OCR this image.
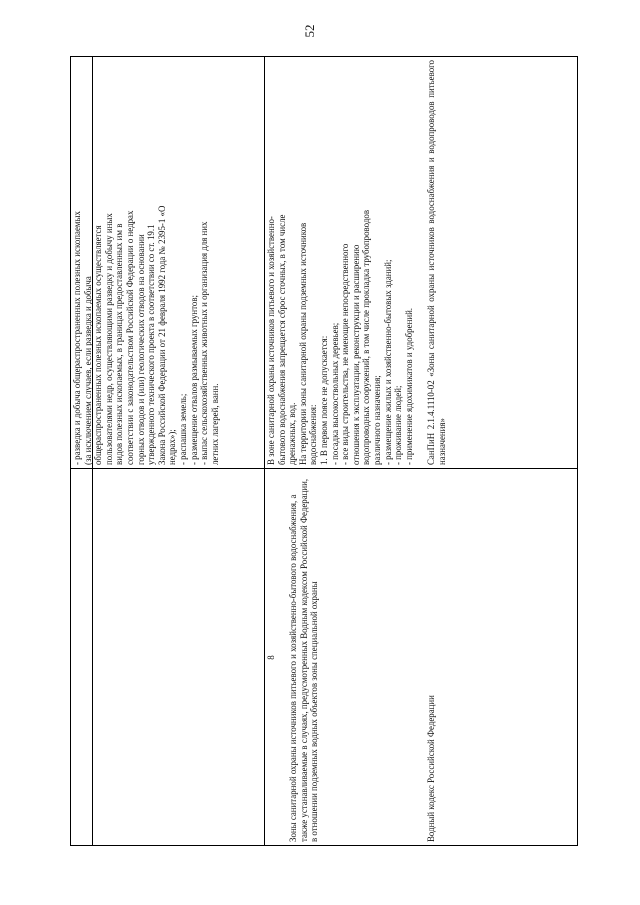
52

- разведка и добыча общераспространенных полезных ископаемых (за исключением случаев, если разведка и добыча общераспространенных полезных ископаемых осуществляется пользователями недр, осуществляющими разведку и добычу иных видов полезных ископаемых, в границах предоставленных им в соответствии с законодательством Российской Федерации о недрах горных отводов и (или) геологических отводов на основании утвержденного технического проекта в соответствии со ст. 19.1 Закона Российской Федерации от 21 февраля 1992 года № 2395-1 «О недрах»); - распашка земель; - размещение отвалов размываемых грунтов; - выпас сельскохозяйственных животных и организация для них летних лагерей, ванн.

8	Зоны санитарной охраны источников питьевого и хозяйственно-бытового водоснабжения, а также устанавливаемые в случаях, предусмотренных Водным кодексом Российской Федерации, в отношении подземных водных объектов зоны специальной охраны

В зоне санитарной охраны источников питьевого и хозяйственно- бытового водоснабжения запрещается сброс сточных, в том числе дренажных, вод. На территории зоны санитарной охраны подземных источников водоснабжения: 1. В первом поясе не допускается: - посадка высокоствольных деревьев; - все виды строительства, не имеющие непосредственного отношения к эксплуатации, реконструкции и расширению водопроводных сооружений, в том числе прокладка трубопроводов различного назначения; - размещение жилых и хозяйственно-бытовых зданий; - проживание людей; - применение ядохимикатов и удобрений.

Водный кодекс Российской Федерации

СанПиН 2.1.4.1110-02 «Зоны санитарной охраны источников водоснабжения и водопроводов питьевого назначения»
